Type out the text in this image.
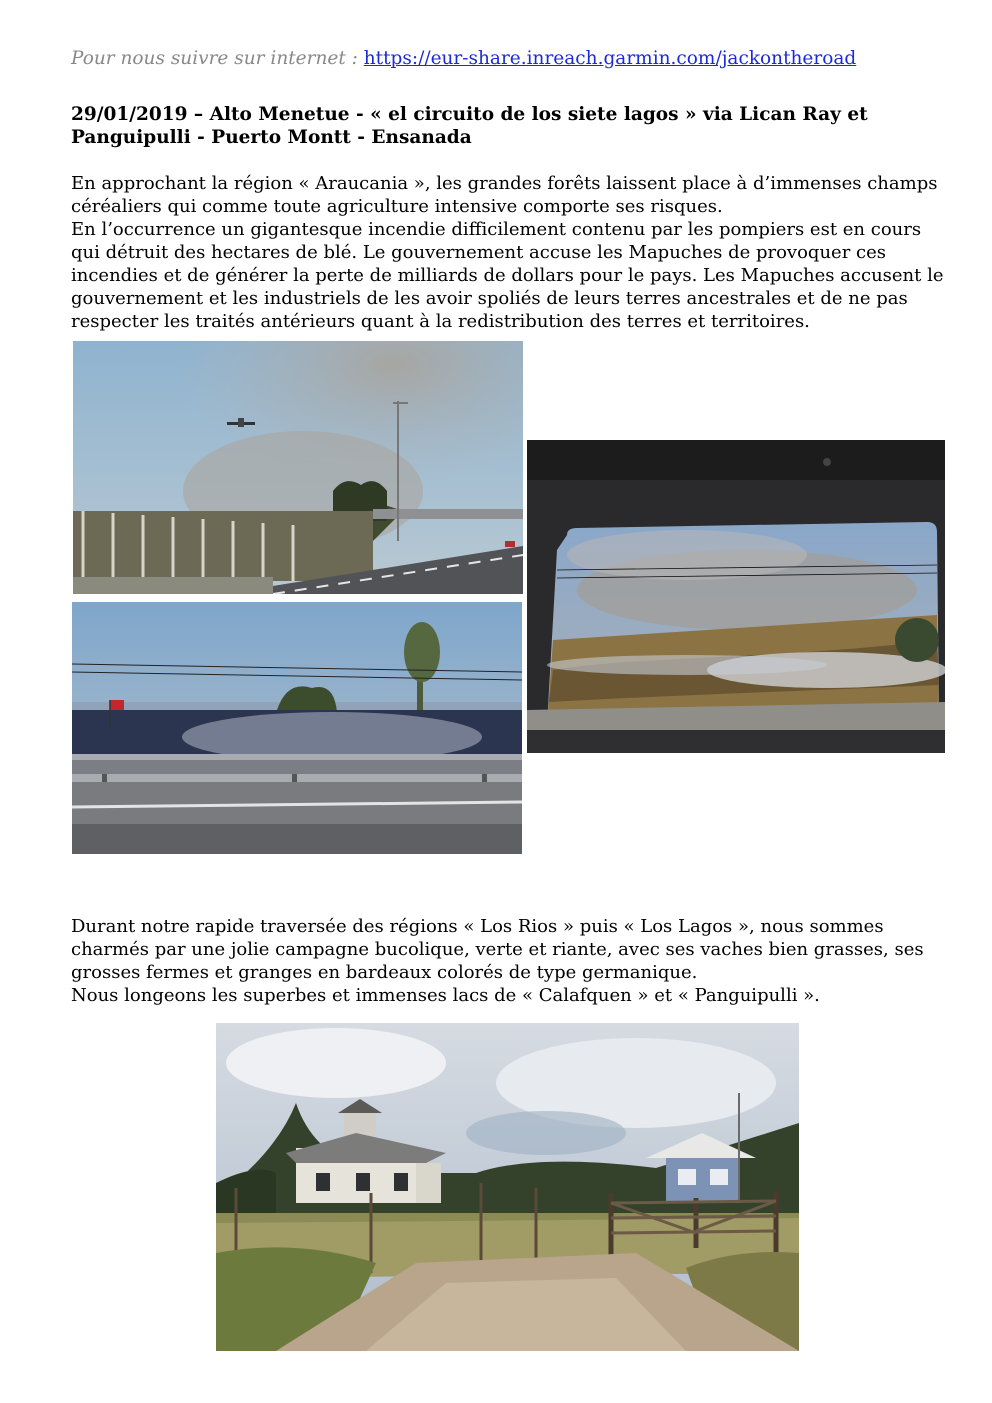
Pour nous suivre sur internet : https://eur-share.inreach.garmin.com/jackontheroad
29/01/2019 – Alto Menetue - « el circuito de los siete lagos » via Lican Ray et Panguipulli - Puerto Montt - Ensanada

En approchant la région « Araucania », les grandes forêts laissent place à d’immenses champs céréaliers qui comme toute agriculture intensive comporte ses risques.

En l’occurrence un gigantesque incendie difficilement contenu par les pompiers est en cours qui détruit des hectares de blé. Le gouvernement accuse les Mapuches de provoquer ces incendies et de générer la perte de milliards de dollars pour le pays. Les Mapuches accusent le gouvernement et les industriels de les avoir spoliés de leurs terres ancestrales et de ne pas respecter les traités antérieurs quant à la redistribution des terres et territoires.

Durant notre rapide traversée des régions « Los Rios » puis « Los Lagos », nous sommes charmés par une jolie campagne bucolique, verte et riante, avec ses vaches bien grasses, ses grosses fermes et granges en bardeaux colorés de type germanique.

Nous longeons les superbes et immenses lacs de « Calafquen » et « Panguipulli ».
